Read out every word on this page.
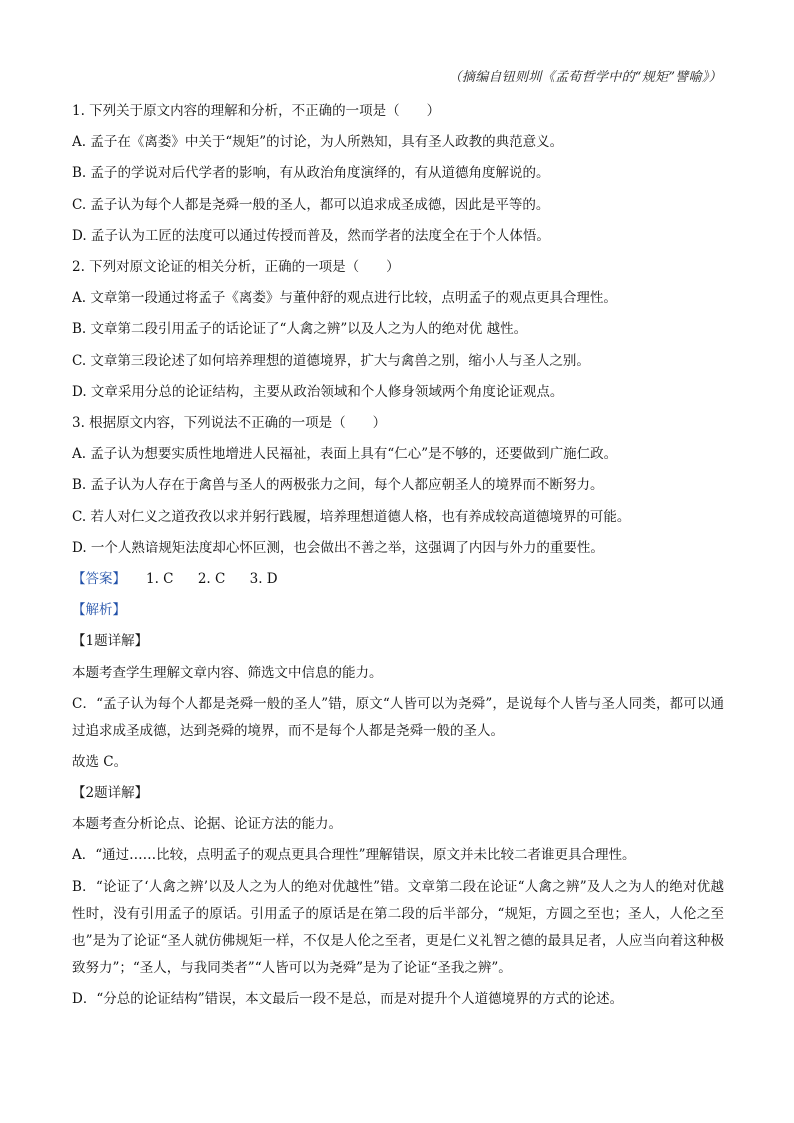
（摘编自钮则圳《孟荀哲学中的“规矩”譬喻》）
1. 下列关于原文内容的理解和分析，不正确的一项是（　　）
A. 孟子在《离娄》中关于“规矩”的讨论，为人所熟知，具有圣人政教的典范意义。
B. 孟子的学说对后代学者的影响，有从政治角度演绎的，有从道德角度解说的。
C. 孟子认为每个人都是尧舜一般的圣人，都可以追求成圣成德，因此是平等的。
D. 孟子认为工匠的法度可以通过传授而普及，然而学者的法度全在于个人体悟。
2. 下列对原文论证的相关分析，正确的一项是（　　）
A. 文章第一段通过将孟子《离娄》与董仲舒的观点进行比较，点明孟子的观点更具合理性。
B. 文章第二段引用孟子的话论证了“人禽之辨”以及人之为人的绝对优 越性。
C. 文章第三段论述了如何培养理想的道德境界，扩大与禽兽之别，缩小人与圣人之别。
D. 文章采用分总的论证结构，主要从政治领域和个人修身领域两个角度论证观点。
3. 根据原文内容，下列说法不正确的一项是（　　）
A. 孟子认为想要实质性地增进人民福祉，表面上具有“仁心”是不够的，还要做到广施仁政。
B. 孟子认为人存在于禽兽与圣人的两极张力之间，每个人都应朝圣人的境界而不断努力。
C. 若人对仁义之道孜孜以求并躬行践履，培养理想道德人格，也有养成较高道德境界的可能。
D. 一个人熟谙规矩法度却心怀叵测，也会做出不善之举，这强调了内因与外力的重要性。
【答案】 1. C 2. C 3. D
【解析】
【1题详解】
本题考查学生理解文章内容、筛选文中信息的能力。
C．“孟子认为每个人都是尧舜一般的圣人”错，原文“人皆可以为尧舜”，是说每个人皆与圣人同类，都可以通过追求成圣成德，达到尧舜的境界，而不是每个人都是尧舜一般的圣人。
故选 C。
【2题详解】
本题考查分析论点、论据、论证方法的能力。
A．“通过……比较，点明孟子的观点更具合理性”理解错误，原文并未比较二者谁更具合理性。
B．“论证了‘人禽之辨’以及人之为人的绝对优越性”错。文章第二段在论证“人禽之辨”及人之为人的绝对优越性时，没有引用孟子的原话。引用孟子的原话是在第二段的后半部分，“规矩，方圆之至也；圣人，人伦之至也”是为了论证“圣人就仿佛规矩一样，不仅是人伦之至者，更是仁义礼智之德的最具足者，人应当向着这种极致努力”；“圣人，与我同类者”“人皆可以为尧舜”是为了论证“圣我之辨”。
D．“分总的论证结构”错误，本文最后一段不是总，而是对提升个人道德境界的方式的论述。
